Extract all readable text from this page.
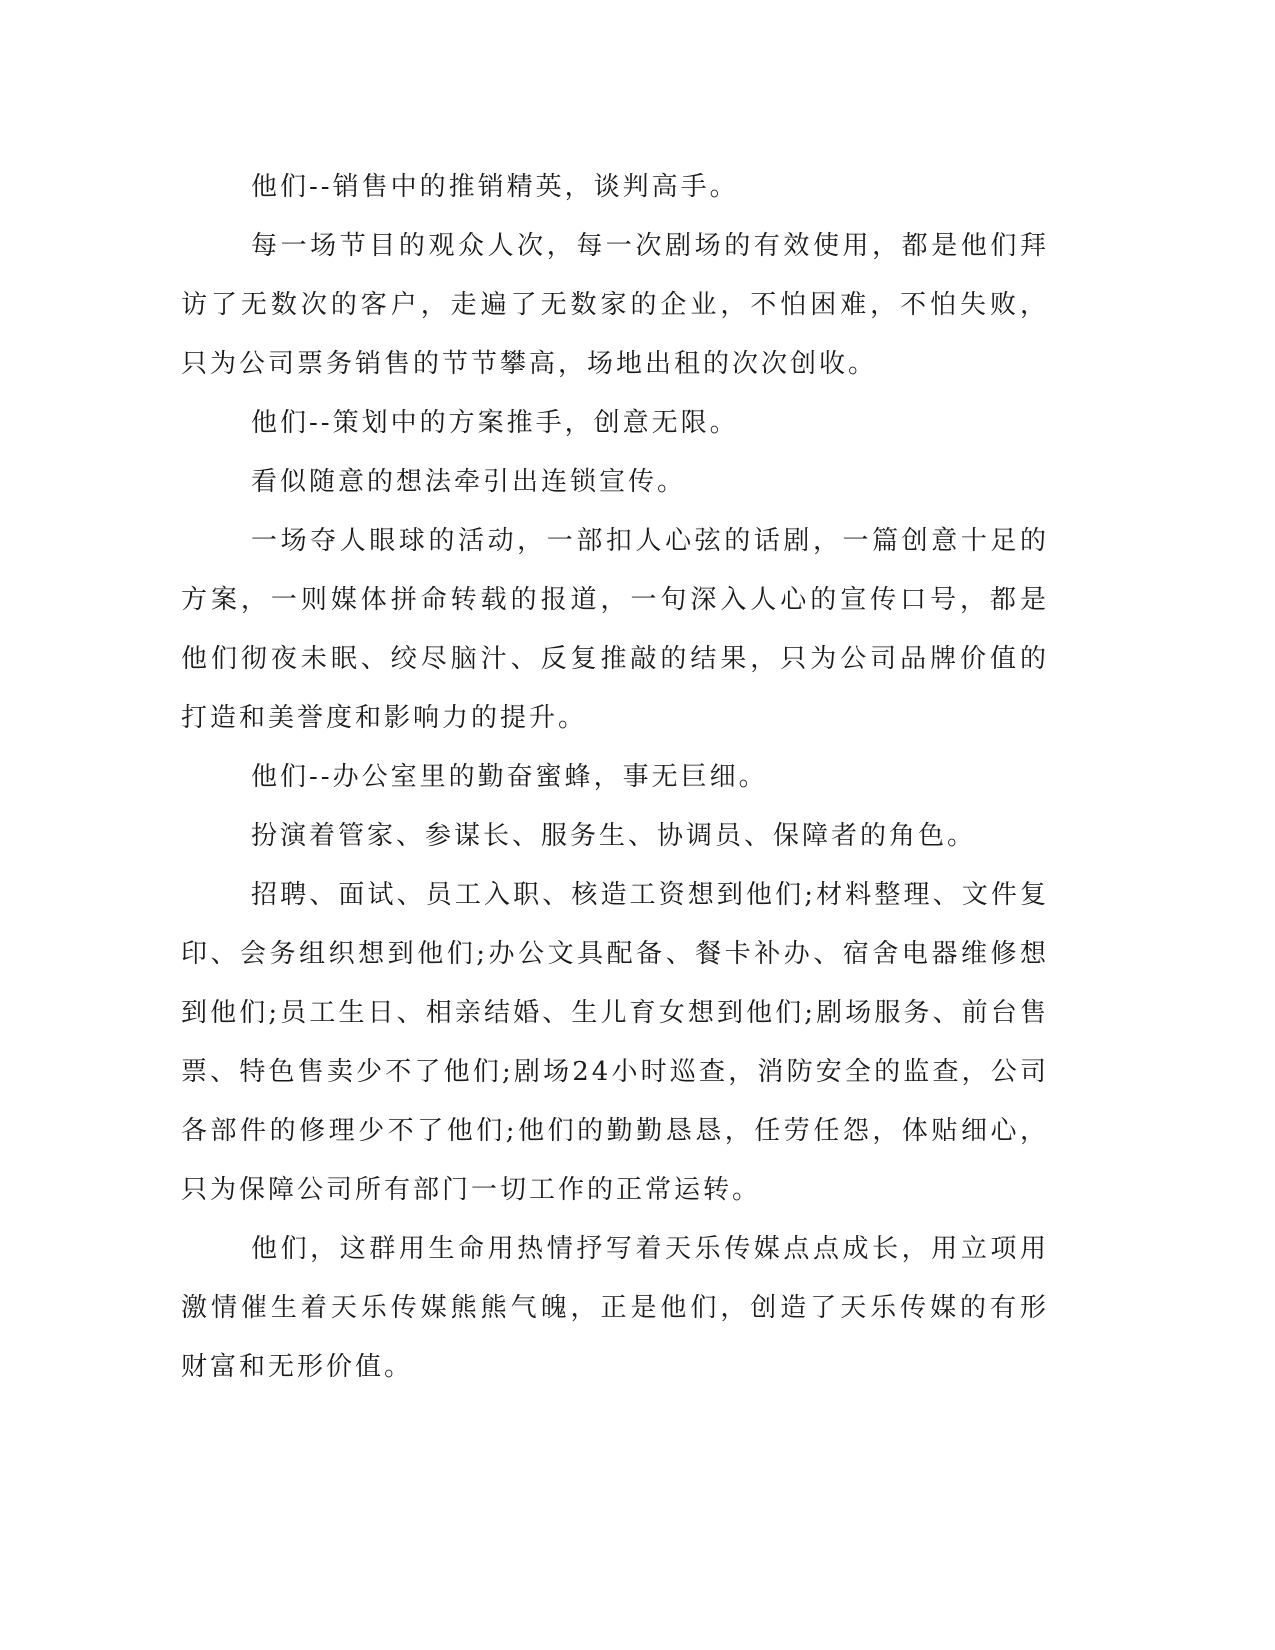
他们--销售中的推销精英，谈判高手。

每一场节目的观众人次，每一次剧场的有效使用，都是他们拜访了无数次的客户，走遍了无数家的企业，不怕困难，不怕失败，只为公司票务销售的节节攀高，场地出租的次次创收。

他们--策划中的方案推手，创意无限。

看似随意的想法牵引出连锁宣传。

一场夺人眼球的活动，一部扣人心弦的话剧，一篇创意十足的方案，一则媒体拼命转载的报道，一句深入人心的宣传口号，都是他们彻夜未眠、绞尽脑汁、反复推敲的结果，只为公司品牌价值的打造和美誉度和影响力的提升。

他们--办公室里的勤奋蜜蜂，事无巨细。

扮演着管家、参谋长、服务生、协调员、保障者的角色。

招聘、面试、员工入职、核造工资想到他们;材料整理、文件复印、会务组织想到他们;办公文具配备、餐卡补办、宿舍电器维修想到他们;员工生日、相亲结婚、生儿育女想到他们;剧场服务、前台售票、特色售卖少不了他们;剧场24小时巡查，消防安全的监查，公司各部件的修理少不了他们;他们的勤勤恳恳，任劳任怨，体贴细心，只为保障公司所有部门一切工作的正常运转。

他们，这群用生命用热情抒写着天乐传媒点点成长，用立项用激情催生着天乐传媒熊熊气魄，正是他们，创造了天乐传媒的有形财富和无形价值。
